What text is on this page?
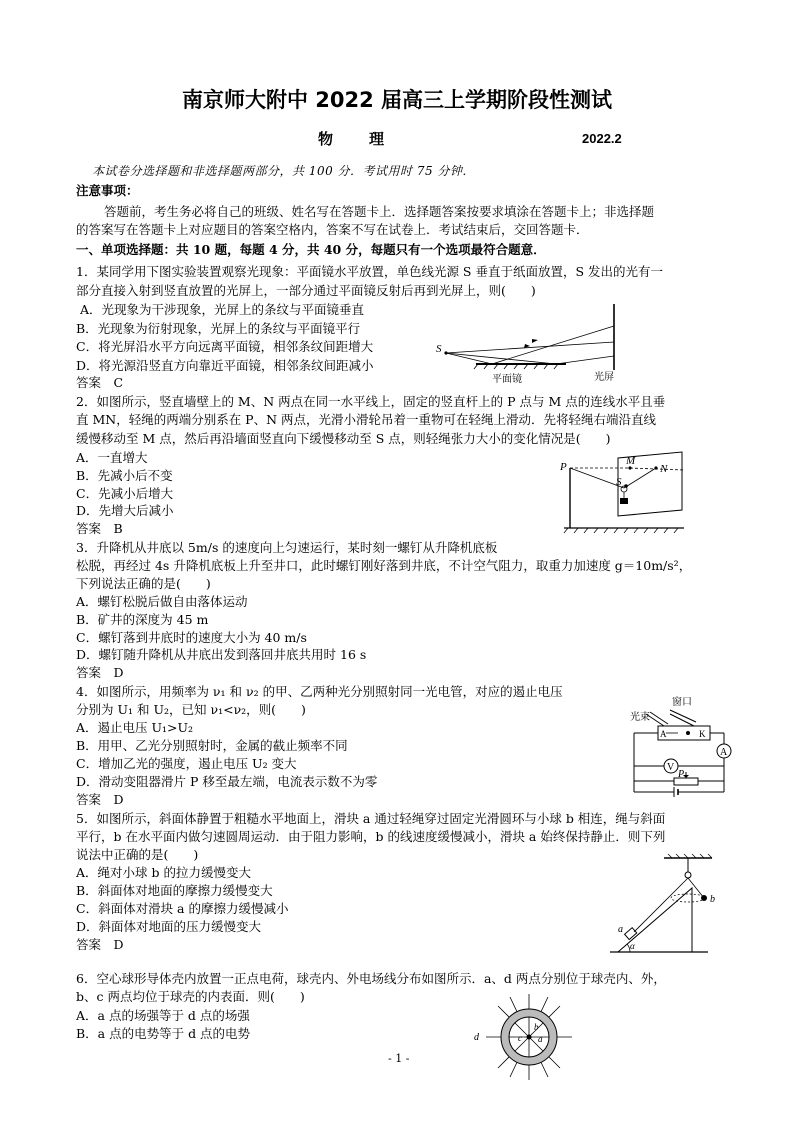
南京师大附中 2022 届高三上学期阶段性测试
物理	2022.2
本试卷分选择题和非选择题两部分，共 100 分．考试用时 75 分钟．
注意事项：
答题前，考生务必将自己的班级、姓名写在答题卡上．选择题答案按要求填涂在答题卡上；非选择题
的答案写在答题卡上对应题目的答案空格内，答案不写在试卷上．考试结束后，交回答题卡．
一、单项选择题：共 10 题，每题 4 分，共 40 分，每题只有一个选项最符合题意．
1．某同学用下图实验装置观察光现象：平面镜水平放置，单色线光源 S 垂直于纸面放置，S 发出的光有一
部分直接入射到竖直放置的光屏上，一部分通过平面镜反射后再到光屏上，则(　　)
A．光现象为干涉现象，光屏上的条纹与平面镜垂直
B．光现象为衍射现象，光屏上的条纹与平面镜平行
C．将光屏沿水平方向远离平面镜，相邻条纹间距增大
D．将光源沿竖直方向靠近平面镜，相邻条纹间距减小
答案　C
S
平面镜	光屏
2．如图所示，竖直墙壁上的 M、N 两点在同一水平线上，固定的竖直杆上的 P 点与 M 点的连线水平且垂
直 MN，轻绳的两端分别系在 P、N 两点，光滑小滑轮吊着一重物可在轻绳上滑动．先将轻绳右端沿直线
缓慢移动至 M 点，然后再沿墙面竖直向下缓慢移动至 S 点，则轻绳张力大小的变化情况是(　　)
A．一直增大
B．先减小后不变
C．先减小后增大
D．先增大后减小
答案　B
P	M
N
S
3．升降机从井底以 5m/s 的速度向上匀速运行，某时刻一螺钉从升降机底板
松脱，再经过 4s 升降机底板上升至井口，此时螺钉刚好落到井底，不计空气阻力，取重力加速度 g＝10m/s²，
下列说法正确的是(　　)
A．螺钉松脱后做自由落体运动
B．矿井的深度为 45 m
C．螺钉落到井底时的速度大小为 40 m/s
D．螺钉随升降机从井底出发到落回井底共用时 16 s
答案　D
4．如图所示，用频率为 ν₁ 和 ν₂ 的甲、乙两种光分别照射同一光电管，对应的遏止电压
分别为 U₁ 和 U₂，已知 ν₁<ν₂，则(　　)
A．遏止电压 U₁>U₂
B．用甲、乙光分别照射时，金属的截止频率不同
C．增加乙光的强度，遏止电压 U₂ 变大
D．滑动变阻器滑片 P 移至最左端，电流表示数不为零
答案　D
窗口
光束
A	K
A
V
P
5．如图所示，斜面体静置于粗糙水平地面上，滑块 a 通过轻绳穿过固定光滑圆环与小球 b 相连，绳与斜面
平行，b 在水平面内做匀速圆周运动．由于阻力影响，b 的线速度缓慢减小，滑块 a 始终保持静止．则下列
说法中正确的是(　　)
A．绳对小球 b 的拉力缓慢变大
B．斜面体对地面的摩擦力缓慢变大
C．斜面体对滑块 a 的摩擦力缓慢减小
D．斜面体对地面的压力缓慢变大
答案　D
a
b
α
6．空心球形导体壳内放置一正点电荷，球壳内、外电场线分布如图所示．a、d 两点分别位于球壳内、外，
b、c 两点均位于球壳的内表面．则(　　)
A．a 点的场强等于 d 点的场强
B．a 点的电势等于 d 点的电势	d	c
b
a
- 1 -
